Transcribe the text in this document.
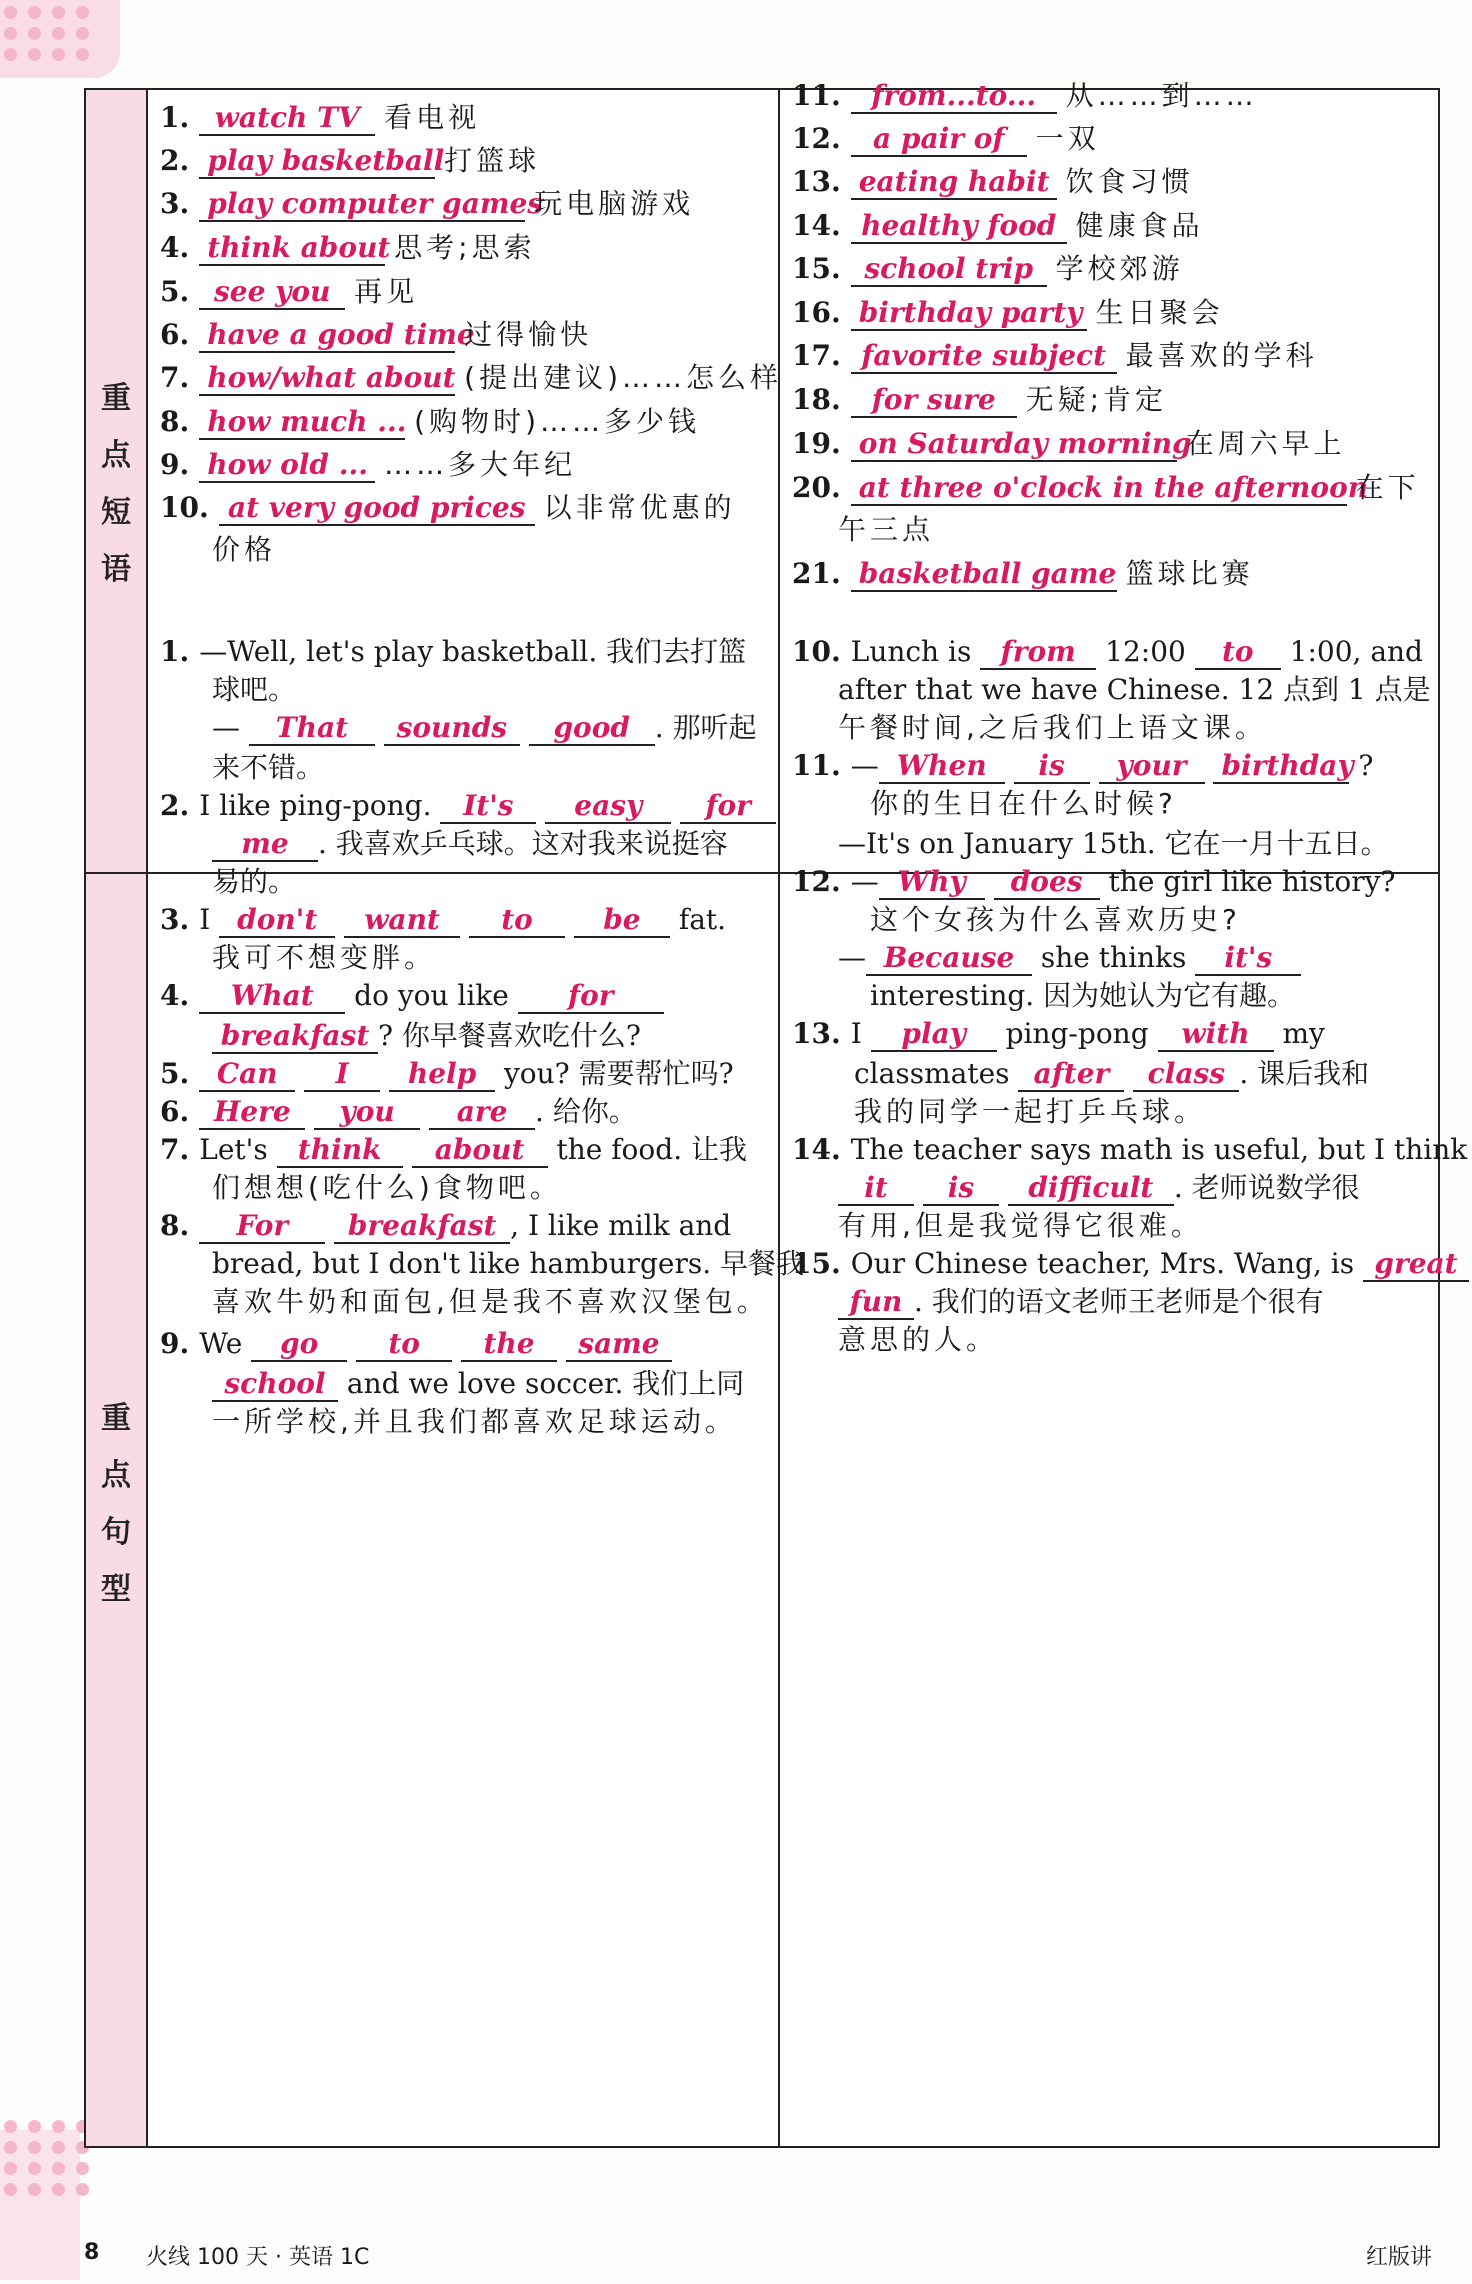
重
点
短
语
重
点
句
型
1. watch TV 看电视
2. play basketball 打篮球
3. play computer games 玩电脑游戏
4. think about 思考;思索
5. see you 再见
6. have a good time 过得愉快
7. how/what about (提出建议)……怎么样
8. how much ... (购物时)……多少钱
9. how old ... ……多大年纪
10. at very good prices 以非常优惠的
价格
11. from...to... 从……到……
12. a pair of 一双
13. eating habit 饮食习惯
14. healthy food 健康食品
15. school trip 学校郊游
16. birthday party 生日聚会
17. favorite subject 最喜欢的学科
18. for sure 无疑;肯定
19. on Saturday morning 在周六早上
20. at three o'clock in the afternoon 在下
午三点
21. basketball game 篮球比赛
1. —Well, let's play basketball. 我们去打篮
球吧。
— That sounds good . 那听起
来不错。
2. I like ping-pong. It's easy for
me . 我喜欢乒乓球。这对我来说挺容
易的。
3. I don't want to	be fat.
我可不想变胖。
4. What do you like for
breakfast ? 你早餐喜欢吃什么?
5. Can I help you? 需要帮忙吗?
6. Here you are . 给你。
7. Let's think about the food. 让我
们想想(吃什么)食物吧。
8. For breakfast , I like milk and
bread, but I don't like hamburgers. 早餐我
喜欢牛奶和面包,但是我不喜欢汉堡包。
9. We go to the same
school and we love soccer. 我们上同
一所学校,并且我们都喜欢足球运动。
10. Lunch is from 12:00 to 1:00, and
after that we have Chinese. 12 点到 1 点是
午餐时间,之后我们上语文课。
11. — When is your birthday ?
你的生日在什么时候?
—It's on January 15th. 它在一月十五日。
12. — Why does the girl like history?
这个女孩为什么喜欢历史?
— Because she thinks it's
interesting. 因为她认为它有趣。
13. I play ping-pong with my
classmates after class . 课后我和
我的同学一起打乒乓球。
14. The teacher says math is useful, but I think
it is difficult . 老师说数学很
有用,但是我觉得它很难。
15. Our Chinese teacher, Mrs. Wang, is great
fun . 我们的语文老师王老师是个很有
意思的人。
8 火线 100 天 · 英语 1C	红版讲
